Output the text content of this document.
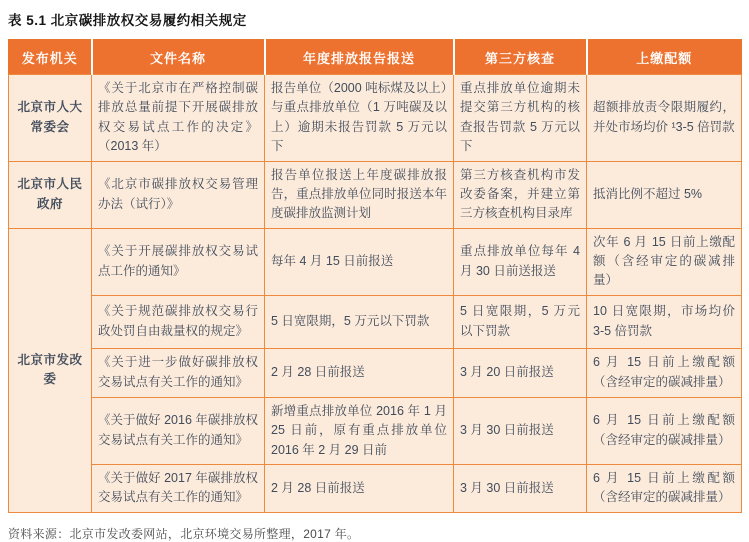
表 5.1 北京碳排放权交易履约相关规定
发布机关	文件名称	年度排放报告报送	第三方核查	上缴配额
北京市人大常委会	《关于北京市在严格控制碳排放总量前提下开展碳排放权交易试点工作的决定》（2013 年）	报告单位（2000 吨标煤及以上）与重点排放单位（1 万吨碳及以上）逾期未报告罚款 5 万元以下	重点排放单位逾期未提交第三方机构的核查报告罚款 5 万元以下	超额排放责令限期履约，并处市场均价 ¹3-5 倍罚款
北京市人民政府	《北京市碳排放权交易管理办法（试行）》	报告单位报送上年度碳排放报告，重点排放单位同时报送本年度碳排放监测计划	第三方核查机构市发改委备案，并建立第三方核查机构目录库	抵消比例不超过 5%
北京市发改委	《关于开展碳排放权交易试点工作的通知》	每年 4 月 15 日前报送	重点排放单位每年 4 月 30 日前送报送	次年 6 月 15 日前上缴配额（含经审定的碳减排量）
	《关于规范碳排放权交易行政处罚自由裁量权的规定》	5 日宽限期，5 万元以下罚款	5 日宽限期，5 万元以下罚款	10 日宽限期，市场均价 3-5 倍罚款
	《关于进一步做好碳排放权交易试点有关工作的通知》	2 月 28 日前报送	3 月 20 日前报送	6 月 15 日前上缴配额（含经审定的碳减排量）
	《关于做好 2016 年碳排放权交易试点有关工作的通知》	新增重点排放单位 2016 年 1 月 25 日前，原有重点排放单位 2016 年 2 月 29 日前	3 月 30 日前报送	6 月 15 日前上缴配额（含经审定的碳减排量）
	《关于做好 2017 年碳排放权交易试点有关工作的通知》	2 月 28 日前报送	3 月 30 日前报送	6 月 15 日前上缴配额（含经审定的碳减排量）
资料来源：北京市发改委网站，北京环境交易所整理，2017 年。
